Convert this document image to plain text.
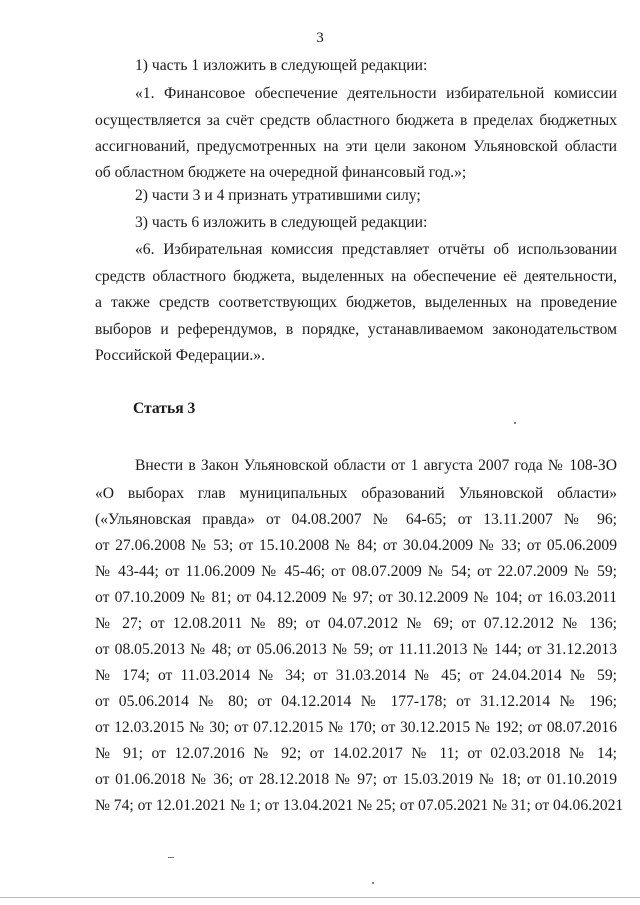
3
1) часть 1 изложить в следующей редакции:
«1. Финансовое обеспечение деятельности избирательной комиссии
осуществляется за счёт средств областного бюджета в пределах бюджетных
ассигнований, предусмотренных на эти цели законом Ульяновской области
об областном бюджете на очередной финансовый год.»;
2) части 3 и 4 признать утратившими силу;
3) часть 6 изложить в следующей редакции:
«6. Избирательная комиссия представляет отчёты об использовании
средств областного бюджета, выделенных на обеспечение её деятельности,
а также средств соответствующих бюджетов, выделенных на проведение
выборов и референдумов, в порядке, устанавливаемом законодательством
Российской Федерации.».
Статья 3
Внести в Закон Ульяновской области от 1 августа 2007 года № 108-ЗО
«О выборах глав муниципальных образований Ульяновской области»
(«Ульяновская правда» от 04.08.2007 № 64-65; от 13.11.2007 № 96;
от 27.06.2008 № 53; от 15.10.2008 № 84; от 30.04.2009 № 33; от 05.06.2009
№ 43-44; от 11.06.2009 № 45-46; от 08.07.2009 № 54; от 22.07.2009 № 59;
от 07.10.2009 № 81; от 04.12.2009 № 97; от 30.12.2009 № 104; от 16.03.2011
№ 27; от 12.08.2011 № 89; от 04.07.2012 № 69; от 07.12.2012 № 136;
от 08.05.2013 № 48; от 05.06.2013 № 59; от 11.11.2013 № 144; от 31.12.2013
№ 174; от 11.03.2014 № 34; от 31.03.2014 № 45; от 24.04.2014 № 59;
от 05.06.2014 № 80; от 04.12.2014 № 177-178; от 31.12.2014 № 196;
от 12.03.2015 № 30; от 07.12.2015 № 170; от 30.12.2015 № 192; от 08.07.2016
№ 91; от 12.07.2016 № 92; от 14.02.2017 № 11; от 02.03.2018 № 14;
от 01.06.2018 № 36; от 28.12.2018 № 97; от 15.03.2019 № 18; от 01.10.2019
№ 74; от 12.01.2021 № 1; от 13.04.2021 № 25; от 07.05.2021 № 31; от 04.06.2021
